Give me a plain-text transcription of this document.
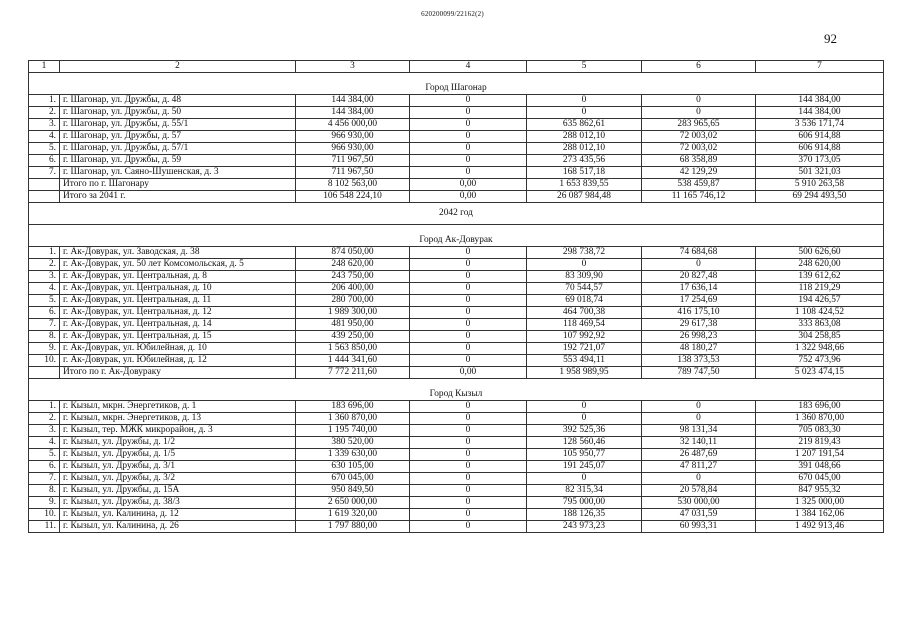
620200099/22162(2)
92
1	2	3	4	5	6	7
Город Шагонар						
1.	г. Шагонар, ул. Дружбы, д. 48	144 384,00	0	0	0	144 384,00
2.	г. Шагонар, ул. Дружбы, д. 50	144 384,00	0	0	0	144 384,00
3.	г. Шагонар, ул. Дружбы, д. 55/1	4 456 000,00	0	635 862,61	283 965,65	3 536 171,74
4.	г. Шагонар, ул. Дружбы, д. 57	966 930,00	0	288 012,10	72 003,02	606 914,88
5.	г. Шагонар, ул. Дружбы, д. 57/1	966 930,00	0	288 012,10	72 003,02	606 914,88
6.	г. Шагонар, ул. Дружбы, д. 59	711 967,50	0	273 435,56	68 358,89	370 173,05
7.	г. Шагонар, ул. Саяно-Шушенская, д. 3	711 967,50	0	168 517,18	42 129,29	501 321,03
	Итого по г. Шагонару	8 102 563,00	0,00	1 653 839,55	538 459,87	5 910 263,58
	Итого за 2041 г.	106 548 224,10	0,00	26 087 984,48	11 165 746,12	69 294 493,50
2042 год						
Город Ак-Довурак						
1.	г. Ак-Довурак, ул. Заводская, д. 38	874 050,00	0	298 738,72	74 684,68	500 626,60
2.	г. Ак-Довурак, ул. 50 лет Комсомольская, д. 5	248 620,00	0	0	0	248 620,00
3.	г. Ак-Довурак, ул. Центральная, д. 8	243 750,00	0	83 309,90	20 827,48	139 612,62
4.	г. Ак-Довурак, ул. Центральная, д. 10	206 400,00	0	70 544,57	17 636,14	118 219,29
5.	г. Ак-Довурак, ул. Центральная, д. 11	280 700,00	0	69 018,74	17 254,69	194 426,57
6.	г. Ак-Довурак, ул. Центральная, д. 12	1 989 300,00	0	464 700,38	416 175,10	1 108 424,52
7.	г. Ак-Довурак, ул. Центральная, д. 14	481 950,00	0	118 469,54	29 617,38	333 863,08
8.	г. Ак-Довурак, ул. Центральная, д. 15	439 250,00	0	107 992,92	26 998,23	304 258,85
9.	г. Ак-Довурак, ул. Юбилейная, д. 10	1 563 850,00	0	192 721,07	48 180,27	1 322 948,66
10.	г. Ак-Довурак, ул. Юбилейная, д. 12	1 444 341,60	0	553 494,11	138 373,53	752 473,96
	Итого по г. Ак-Довураку	7 772 211,60	0,00	1 958 989,95	789 747,50	5 023 474,15
Город Кызыл						
1.	г. Кызыл, мкрн. Энергетиков, д. 1	183 696,00	0	0	0	183 696,00
2.	г. Кызыл, мкрн. Энергетиков, д. 13	1 360 870,00	0	0	0	1 360 870,00
3.	г. Кызыл, тер. МЖК микрорайон, д. 3	1 195 740,00	0	392 525,36	98 131,34	705 083,30
4.	г. Кызыл, ул. Дружбы, д. 1/2	380 520,00	0	128 560,46	32 140,11	219 819,43
5.	г. Кызыл, ул. Дружбы, д. 1/5	1 339 630,00	0	105 950,77	26 487,69	1 207 191,54
6.	г. Кызыл, ул. Дружбы, д. 3/1	630 105,00	0	191 245,07	47 811,27	391 048,66
7.	г. Кызыл, ул. Дружбы, д. 3/2	670 045,00	0	0	0	670 045,00
8.	г. Кызыл, ул. Дружбы, д. 15А	950 849,50	0	82 315,34	20 578,84	847 955,32
9.	г. Кызыл, ул. Дружбы, д. 38/3	2 650 000,00	0	795 000,00	530 000,00	1 325 000,00
10.	г. Кызыл, ул. Калинина, д. 12	1 619 320,00	0	188 126,35	47 031,59	1 384 162,06
11.	г. Кызыл, ул. Калинина, д. 26	1 797 880,00	0	243 973,23	60 993,31	1 492 913,46
